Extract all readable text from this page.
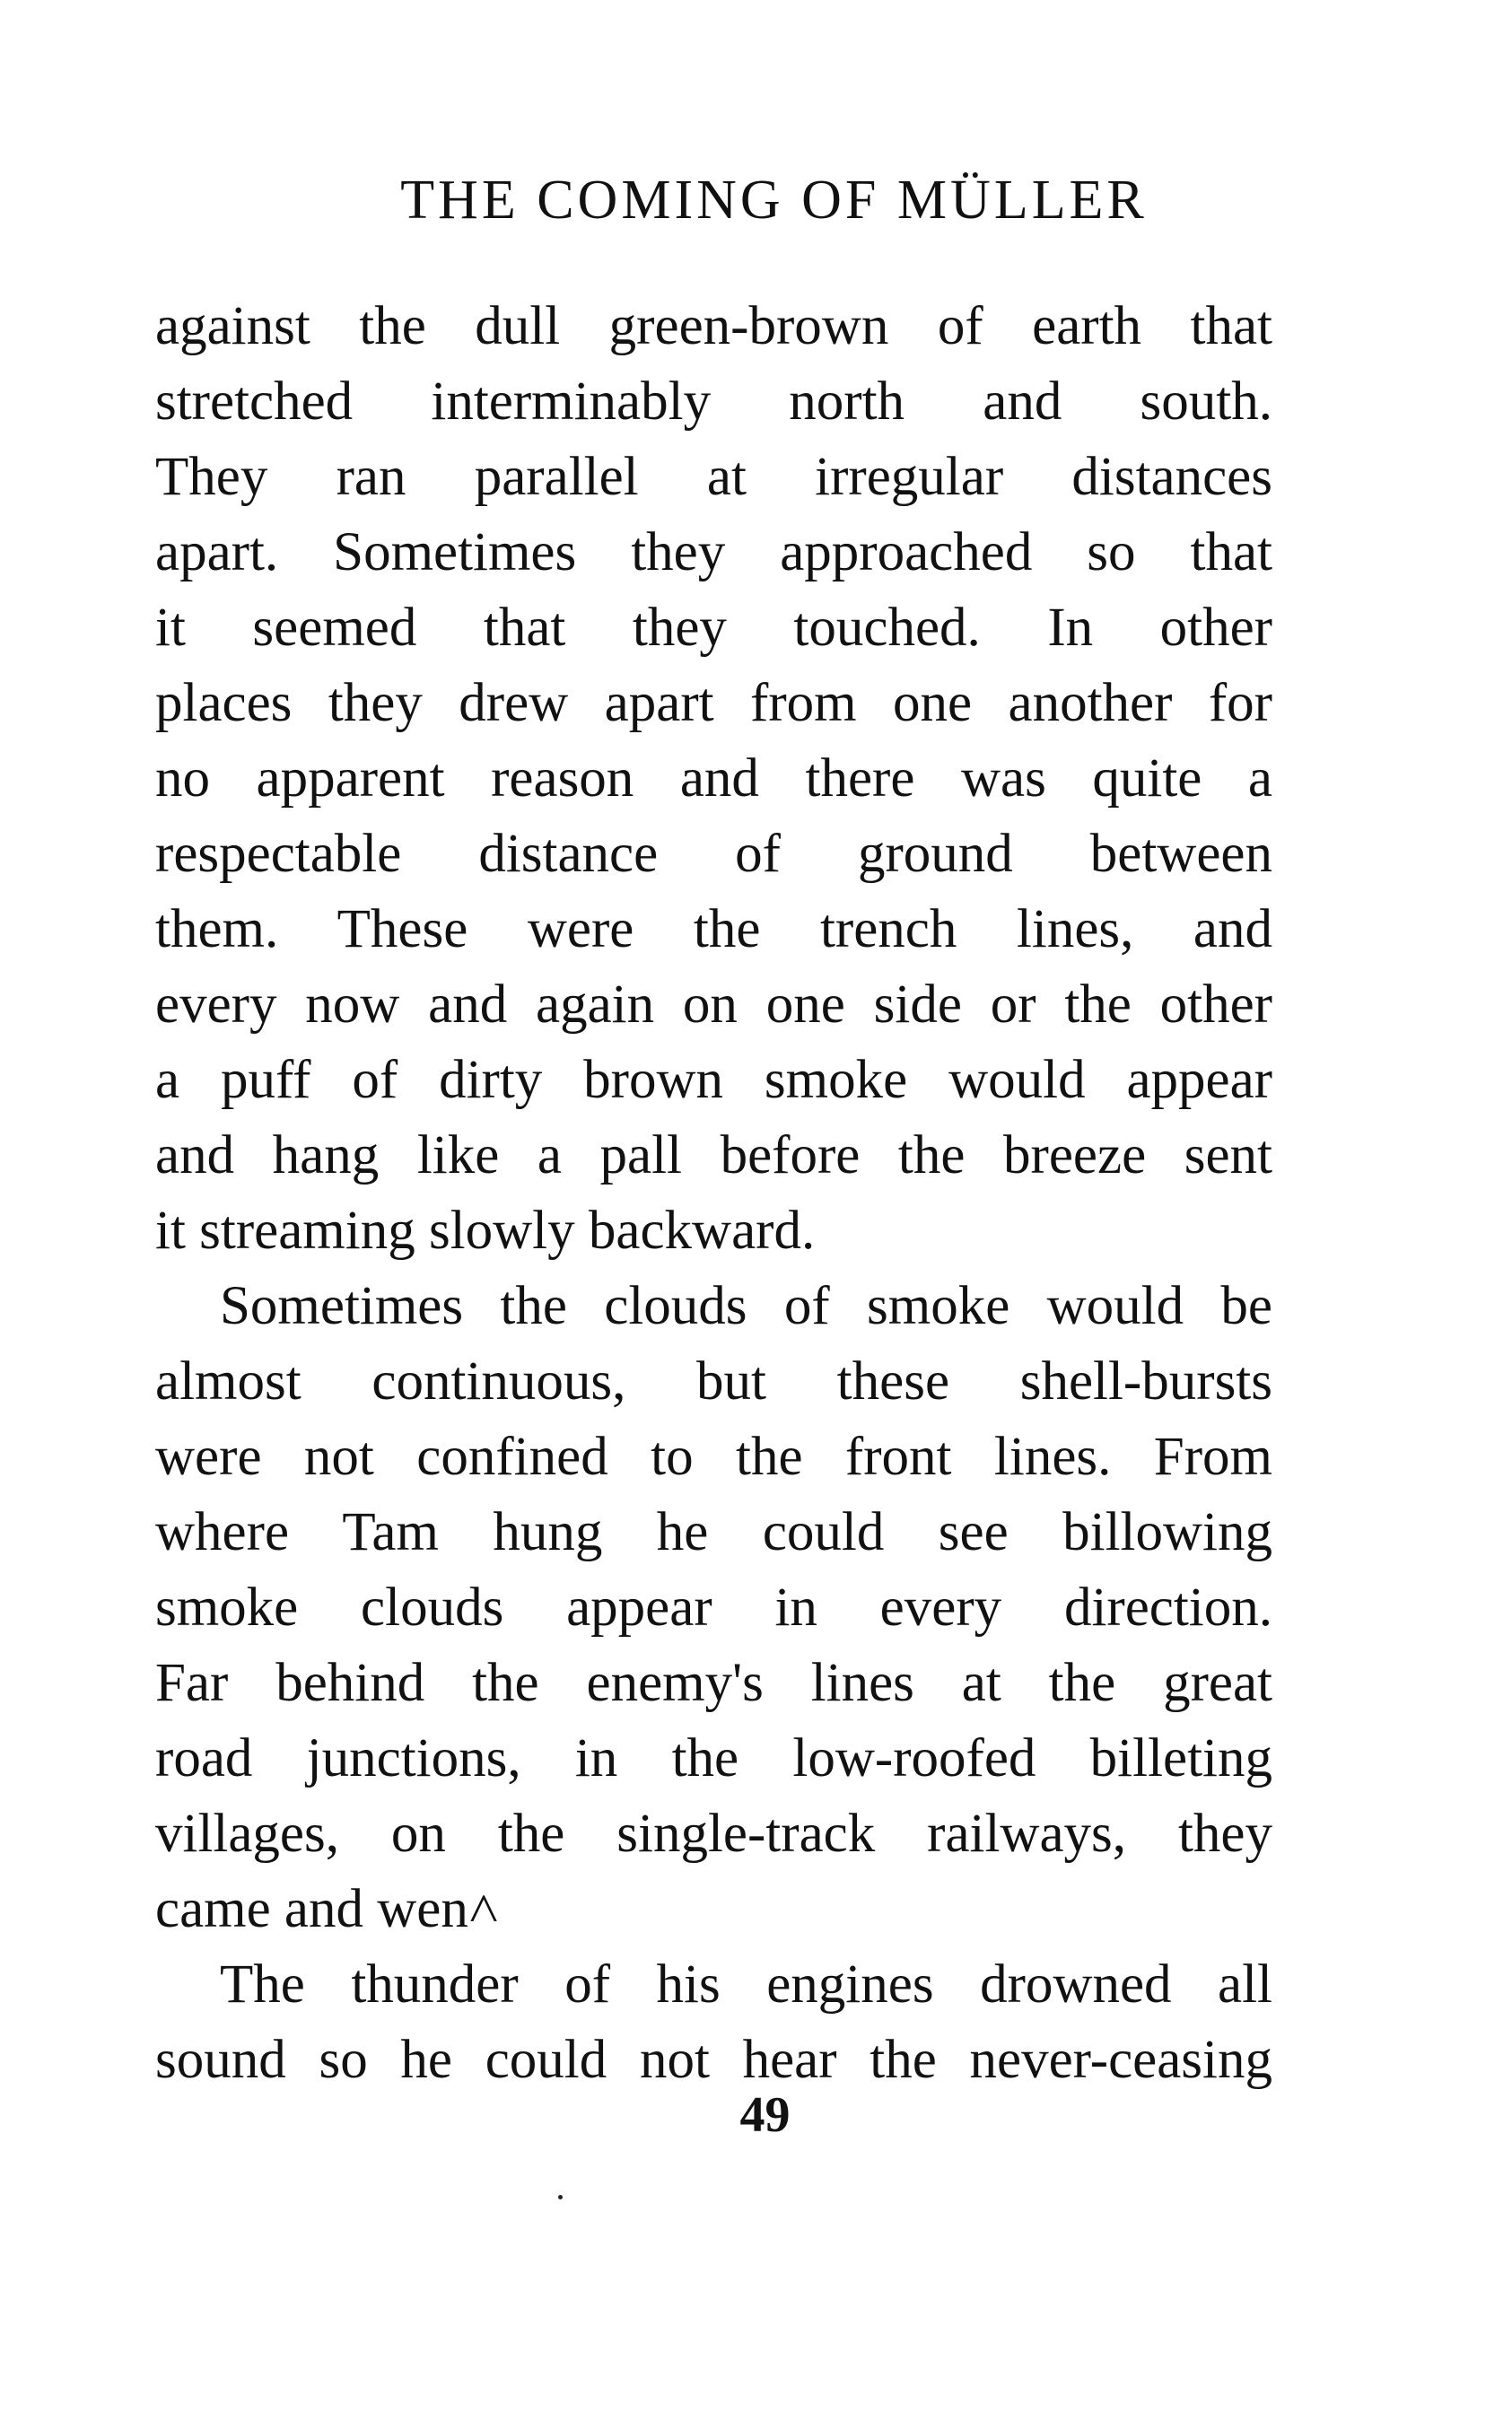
THE COMING OF MÜLLER
against the dull green-brown of earth that
stretched interminably north and south.
They ran parallel at irregular distances
apart. Sometimes they approached so that
it seemed that they touched. In other
places they drew apart from one another for
no apparent reason and there was quite a
respectable distance of ground between
them. These were the trench lines, and
every now and again on one side or the other
a puff of dirty brown smoke would appear
and hang like a pall before the breeze sent
it streaming slowly backward.
Sometimes the clouds of smoke would be
almost continuous, but these shell-bursts
were not confined to the front lines. From
where Tam hung he could see billowing
smoke clouds appear in every direction.
Far behind the enemy's lines at the great
road junctions, in the low-roofed billeting
villages, on the single-track railways, they
came and wen˄
The thunder of his engines drowned all
sound so he could not hear the never-ceasing
49
